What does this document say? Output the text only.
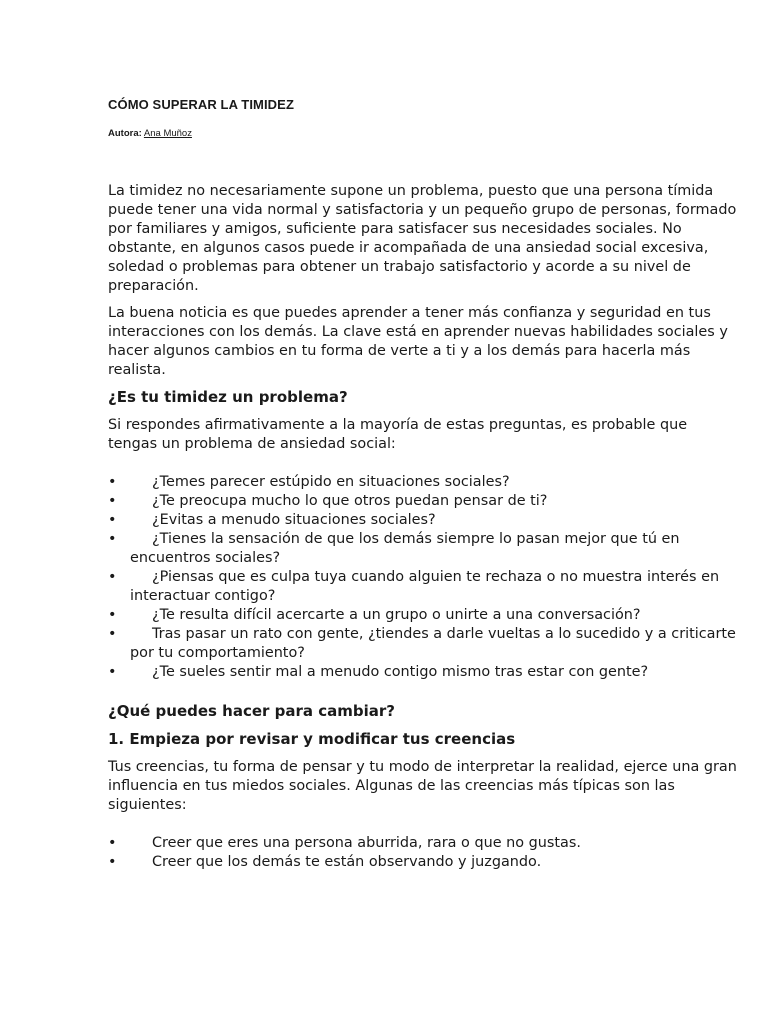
CÓMO SUPERAR LA TIMIDEZ
Autora: Ana Muñoz

La timidez no necesariamente supone un problema, puesto que una persona tímida puede tener una vida normal y satisfactoria y un pequeño grupo de personas, formado por familiares y amigos, suficiente para satisfacer sus necesidades sociales. No obstante, en algunos casos puede ir acompañada de una ansiedad social excesiva, soledad o problemas para obtener un trabajo satisfactorio y acorde a su nivel de preparación.

La buena noticia es que puedes aprender a tener más confianza y seguridad en tus interacciones con los demás. La clave está en aprender nuevas habilidades sociales y hacer algunos cambios en tu forma de verte a ti y a los demás para hacerla más realista.

¿Es tu timidez un problema?

Si respondes afirmativamente a la mayoría de estas preguntas, es probable que tengas un problema de ansiedad social:

• ¿Temes parecer estúpido en situaciones sociales?
• ¿Te preocupa mucho lo que otros puedan pensar de ti?
• ¿Evitas a menudo situaciones sociales?
• ¿Tienes la sensación de que los demás siempre lo pasan mejor que tú en encuentros sociales?
• ¿Piensas que es culpa tuya cuando alguien te rechaza o no muestra interés en interactuar contigo?
• ¿Te resulta difícil acercarte a un grupo o unirte a una conversación?
• Tras pasar un rato con gente, ¿tiendes a darle vueltas a lo sucedido y a criticarte por tu comportamiento?
• ¿Te sueles sentir mal a menudo contigo mismo tras estar con gente?
¿Qué puedes hacer para cambiar?
1. Empieza por revisar y modificar tus creencias

Tus creencias, tu forma de pensar y tu modo de interpretar la realidad, ejerce una gran influencia en tus miedos sociales. Algunas de las creencias más típicas son las siguientes:

• Creer que eres una persona aburrida, rara o que no gustas.
• Creer que los demás te están observando y juzgando.
